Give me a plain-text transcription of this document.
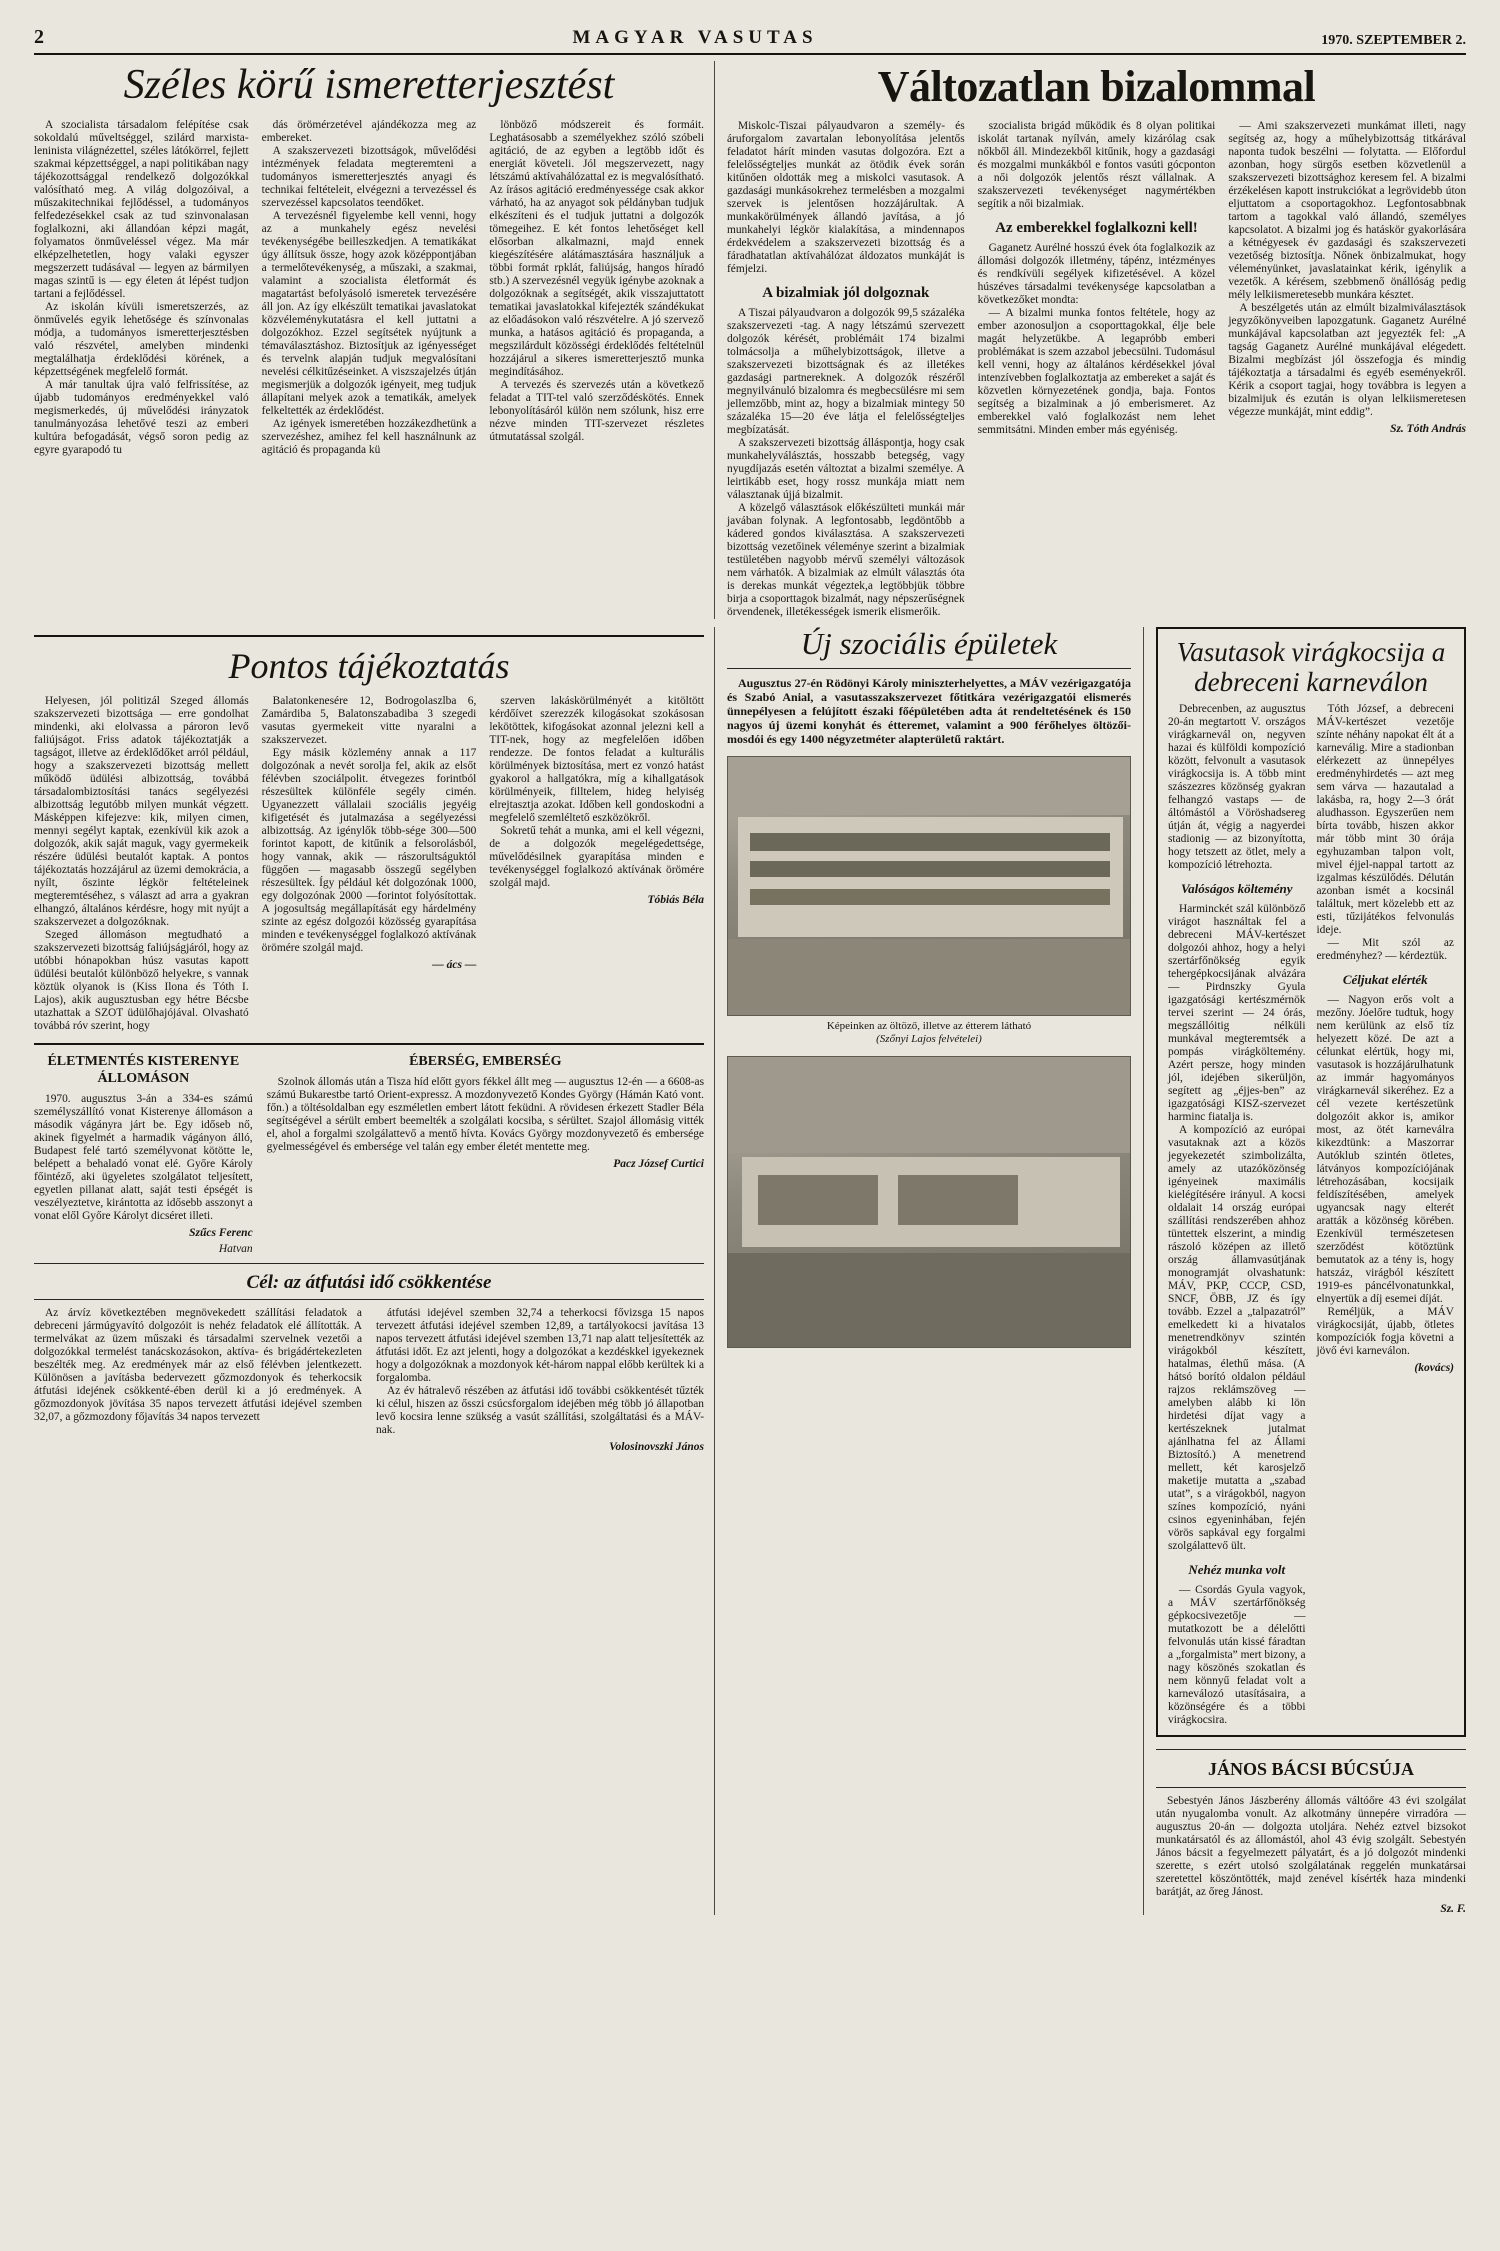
2	MAGYAR VASUTAS	1970. SZEPTEMBER 2.
Széles körű ismeretterjesztést

A szocialista társadalom felépítése csak sokoldalú műveltséggel, szilárd marxista-leninista világnézettel, széles látókörrel, fejlett szakmai képzettséggel, a napi politikában nagy tájékozottsággal rendelkező dolgozókkal valósítható meg. A világ dolgozóival, a műszakitechnikai fejlődéssel, a tudományos felfedezésekkel csak az tud szinvonalasan foglalkozni, aki állandóan képzi magát, folyamatos önműveléssel végez. Ma már elképzelhetetlen, hogy valaki egyszer megszerzett tudásával — legyen az bármilyen magas szintű is — egy életen át lépést tudjon tartani a fejlődéssel.

Az iskolán kívüli ismeretszerzés, az önművelés egyik lehetősége és színvonalas módja, a tudományos ismeretterjesztésben való részvétel, amelyben mindenki megtalálhatja érdeklődési körének, a képzettségének megfelelő formát.

A már tanultak újra való felfrissítése, az újabb tudományos eredményekkel való megismerkedés, új művelődési irányzatok tanulmányozása lehetővé teszi az emberi kultúra befogadását, végső soron pedig az egyre gyarapodó tu

dás örömérzetével ajándékozza meg az embereket.

A szakszervezeti bizottságok, művelődési intézmények feladata megteremteni a tudományos ismeretterjesztés anyagi és technikai feltételeit, elvégezni a tervezéssel és szervezéssel kapcsolatos teendőket.

A tervezésnél figyelembe kell venni, hogy az a munkahely egész nevelési tevékenységébe beilleszkedjen. A tematikákat úgy állítsuk össze, hogy azok középpontjában a termelőtevékenység, a műszaki, a szakmai, valamint a szocialista életformát és magatartást befolyásoló ismeretek tervezésére áll jon. Az így elkészült tematikai javaslatokat közvéleménykutatásra el kell juttatni a dolgozókhoz. Ezzel segítsétek nyújtunk a témaválasztáshoz. Biztosítjuk az igényességet és tervelnk alapján tudjuk megvalósítani nevelési célkitűzéseinket. A viszszajelzés útján megismerjük a dolgozók igényeit, meg tudjuk állapítani melyek azok a tematikák, amelyek felkeltették az érdeklődést.

Az igények ismeretében hozzákezdhetünk a szervezéshez, amihez fel kell használnunk az agitáció és propaganda kü

lönböző módszereit és formáit. Leghatásosabb a személyekhez szóló szóbeli agitáció, de az egyben a legtöbb időt és energiát követeli. Jól megszervezett, nagy létszámú aktívahálózattal ez is megvalósítható. Az írásos agitáció eredményessége csak akkor várható, ha az anyagot sok példányban tudjuk elkészíteni és el tudjuk juttatni a dolgozók tömegeihez. E két fontos lehetőséget kell elősorban alkalmazni, majd ennek kiegészítésére alátámasztására használjuk a többi formát rpklát, faliújság, hangos híradó stb.) A szervezésnél vegyük igénybe azoknak a dolgozóknak a segítségét, akik visszajuttatott tematikai javaslatokkal kifejezték szándékukat az előadásokon való részvételre. A jó szervező munka, a hatásos agitáció és propaganda, a megszilárdult közösségi érdeklődés feltételnül hozzájárul a sikeres ismeretterjesztő munka megindításához.

A tervezés és szervezés után a következő feladat a TIT-tel való szerződéskötés. Ennek lebonyolításáról külön nem szólunk, hisz erre nézve minden TIT-szervezet részletes útmutatással szolgál.

Változatlan bizalommal

Miskolc-Tiszai pályaudvaron a személy- és áruforgalom zavartalan lebonyolítása jelentős feladatot hárít minden vasutas dolgozóra. Ezt a felelősségteljes munkát az ötödik évek során kitűnően oldották meg a miskolci vasutasok. A gazdasági munkásokrehez termelésben a mozgalmi szervek is jelentősen hozzájárultak. A munkakörülmények állandó javítása, a jó munkahelyi légkör kialakítása, a mindennapos érdekvédelem a szakszervezeti bizottság és a fáradhatatlan aktívahálózat áldozatos munkáját is fémjelzi.

A bizalmiak jól dolgoznak

A Tiszai pályaudvaron a dolgozók 99,5 százaléka szakszervezeti -tag. A nagy létszámú szervezett dolgozók kérését, problémáit 174 bizalmi tolmácsolja a műhelybizottságok, illetve a szakszervezeti bizottságnak és az illetékes gazdasági partnereknek. A dolgozók részéről megnyilvánuló bizalomra és megbecsülésre mi sem jellemzőbb, mint az, hogy a bizalmiak mintegy 50 százaléka 15—20 éve látja el felelősségteljes megbízatását.

A szakszervezeti bizottság álláspontja, hogy csak munkahelyválásztás, hosszabb betegség, vagy nyugdíjazás esetén változtat a bizalmi személye. A leirtikább eset, hogy rossz munkája miatt nem választanak újjá bizalmit.

A közelgő választások előkészülteti munkái már javában folynak. A legfontosabb, legdöntőbb a kádered gondos kiválasztása. A szakszervezeti bizottság vezetőinek véleménye szerint a bizalmiak testületében nagyobb mérvű személyi változások nem várhatók. A bizalmiak az elmúlt választás óta is derekas munkát végeztek,a legtöbbjük többre birja a csoporttagok bizalmát, nagy népszerűségnek örvendenek, illetékességek ismerik elismerőik.

szocialista brigád működik és 8 olyan politikai iskolát tartanak nyílván, amely kizárólag csak nőkből áll. Mindezekből kitűnik, hogy a gazdasági és mozgalmi munkákból e fontos vasúti gócponton a női dolgozók jelentős részt vállalnak. A szakszervezeti tevékenységet nagymértékben segítik a női bizalmiak.

Az emberekkel foglalkozni kell!

Gaganetz Aurélné hosszú évek óta foglalkozik az állomási dolgozók illetmény, tápénz, intézményes és rendkívüli segélyek kifizetésével. A közel húszéves társadalmi tevékenysége kapcsolatban a következőket mondta:

— A bizalmi munka fontos feltétele, hogy az ember azonosuljon a csoporttagokkal, élje bele magát helyzetükbe. A legapróbb emberi problémákat is szem azzabol jebecsülni. Tudomásul kell venni, hogy az általános kérdésekkel jóval intenzívebben foglalkoztatja az embereket a saját és közvetlen környezetének gondja, baja. Fontos segítség a bizalminak a jó emberismeret. Az emberekkel való foglalkozást nem lehet semmitsátni. Minden ember más egyéniség.

— Ami szakszervezeti munkámat illeti, nagy segítség az, hogy a műhelybizottság titkárával naponta tudok beszélni — folytatta. — Előfordul azonban, hogy sürgős esetben közvetlenül a szakszervezeti bizottsághoz keresem fel. A bizalmi érzékelésen kapott instrukciókat a legrövidebb úton eljuttatom a csoportagokhoz. Legfontosabbnak tartom a tagokkal való állandó, személyes kapcsolatot. A bizalmi jog és hatáskör gyakorlására a kétnégyesek év gazdasági és szakszervezeti vezetőség biztosítja. Nőnek önbizalmukat, hogy véleményünket, javaslatainkat kérik, igénylik a vezetők. A kérésem, szebbmenő önállóság pedig mély lelkiismeretesebb munkára késztet.

A beszélgetés után az elmúlt bizalmiválasztások jegyzőkönyveiben lapozgatunk. Gaganetz Aurélné munkájával kapcsolatban azt jegyezték fel: „A tagság Gaganetz Aurélné munkájával elégedett. Bizalmi megbízást jól összefogja és mindig tájékoztatja a társadalmi és egyéb eseményekről. Kérik a csoport tagjai, hogy továbbra is legyen a bizalmijuk és ezután is olyan lelkiismeretesen végezze munkáját, mint eddig”.

Sz. Tóth András
Pontos tájékoztatás

Helyesen, jól politizál Szeged állomás szakszervezeti bizottsága — erre gondolhat mindenki, aki elolvassa a pároron levő faliújságot. Friss adatok tájékoztatják a tagságot, illetve az érdeklődőket arról például, hogy a szakszervezeti bizottság mellett működő üdülési albizottság, továbbá társadalombiztosítási tanács segélyezési albizottság legutóbb milyen munkát végzett. Másképpen kifejezve: kik, milyen cimen, mennyi segélyt kaptak, ezenkívül kik azok a dolgozók, akik saját maguk, vagy gyermekeik részére üdülési beutalót kaptak. A pontos tájékoztatás hozzájárul az üzemi demokrácia, a nyílt, őszinte légkör feltételeinek megteremtéséhez, s választ ad arra a gyakran elhangzó, általános kérdésre, hogy mit nyújt a szakszervezet a dolgozóknak.

Szeged állomáson megtudható a szakszervezeti bizottság faliújságjáról, hogy az utóbbi hónapokban húsz vasutas kapott üdülési beutalót különböző helyekre, s vannak köztük olyanok is (Kiss Ilona és Tóth I. Lajos), akik augusztusban egy hétre Bécsbe utazhattak a SZOT üdülőhajójával. Olvasható továbbá róv szerint, hogy

Balatonkenesére 12, Bodrogolaszlba 6, Zamárdiba 5, Balatonszabadiba 3 szegedi vasutas gyermekeit vitte nyaralni a szakszervezet.

Egy másik közlemény annak a 117 dolgozónak a nevét sorolja fel, akik az elsőt félévben szociálpolit. étvegezes forintból részesültek különféle segély cimén. Ugyanezzett vállalaii szociális jegyéig kifigetését és jutalmazása a segélyezéssi albizottság. Az igénylők több-sége 300—500 forintot kapott, de kitűnik a felsorolásból, hogy vannak, akik — rászorultságuktól függően — magasabb összegű segélyben részesültek. Így például két dolgozónak 1000, egy dolgozónak 2000 —forintot folyósítottak. A jogosultság megállapítását egy hárdelmény szinte az egész dolgozói közösség gyarapítása minden e tevékenységgel foglalkozó aktívának örömére szolgál majd.

— ács —

szerven lakáskörülményét a kitöltött kérdőívet szerezzék kilogásokat szokásosan lekötöttek, kifogásokat azonnal jelezni kell a TIT-nek, hogy az megfelelően időben rendezze. De fontos feladat a kulturális körülmények biztosítása, mert ez vonzó hatást gyakorol a hallgatókra, míg a kihallgatások körülményeik, filltelem, hideg helyiség elrejtasztja azokat. Időben kell gondoskodni a megfelelő szemléltető eszközökről.

Sokretű tehát a munka, ami el kell végezni, de a dolgozók megelégedettsége, művelődésilnek gyarapítása minden e tevékenységgel foglalkozó aktívának örömére szolgál majd.

Tóbiás Béla
ÉLETMENTÉS KISTERENYE ÁLLOMÁSON

1970. augusztus 3-án a 334-es számú személyszállító vonat Kisterenye állomáson a második vágányra járt be. Egy időseb nő, akinek figyelmét a harmadik vágányon álló, Budapest felé tartó személyvonat kötötte le, belépett a behaladó vonat elé. Győre Károly főintéző, aki ügyeletes szolgálatot teljesített, egyetlen pillanat alatt, saját testi épségét is veszélyeztetve, kirántotta az idősebb asszonyt a vonat elől Győre Károlyt dicséret illeti.

Szűcs Ferenc
Hatvan
ÉBERSÉG, EMBERSÉG

Szolnok állomás után a Tisza híd előtt gyors fékkel állt meg — augusztus 12-én — a 6608-as számú Bukarestbe tartó Orient-expressz. A mozdonyvezető Kondes György (Hámán Kató vont. főn.) a töltésoldalban egy eszméletlen embert látott feküdni. A rövidesen érkezett Stadler Béla segítségével a sérült embert beemelték a szolgálati kocsiba, s sérültet. Szajol állomásig vitték el, ahol a forgalmi szolgálattevő a mentő hívta. Kovács György mozdonyvezető és embersége gyelmességével és embersége vel talán egy ember életét mentette meg.

Pacz József Curtici
Cél: az átfutási idő csökkentése

Az árvíz következtében megnövekedett szállítási feladatok a debreceni jármúgyavító dolgozóit is nehéz feladatok elé állították. A termelvákat az üzem műszaki és társadalmi szervelnek vezetői a dolgozókkal termelést tanácskozásokon, aktíva- és brigádértekezleten beszélték meg. Az eredmények már az első félévben jelentkezett. Különösen a javításba bedervezett gőzmozdonyok és teherkocsik átfutási idejének csökkenté-ében derül ki a jó eredmények. A gőzmozdonyok jövítása 35 napos tervezett átfutási idejével szemben 32,07, a gőzmozdony főjavítás 34 napos tervezett

átfutási idejével szemben 32,74 a teherkocsi fővizsga 15 napos tervezett átfutási idejével szemben 12,89, a tartályokocsi javítása 13 napos tervezett átfutási idejével szemben 13,71 nap alatt teljesítették az átfutási időt. Ez azt jelenti, hogy a dolgozókat a kezdéskkel igyekeznek hogy a dolgozóknak a mozdonyok két-három nappal előbb kerültek ki a forgalomba.

Az év hátralevő részében az átfutási idő további csökkentését tűzték ki célul, hiszen az ősszi csúcsforgalom idejében még több jó állapotban levő kocsira lenne szükség a vasút szállítási, szolgáltatási és a MÁV-nak.

Volosinovszki János
Új szociális épületek

Augusztus 27-én Rödönyi Károly miniszterhelyettes, a MÁV vezérigazgatója és Szabó Anial, a vasutasszakszervezet főtitkára vezérigazgatói elismerés ünnepélyesen a felújított északi főépületében adta át rendeltetésének és 150 nagyos új üzemi konyhát és étteremet, valamint a 900 férőhelyes öltözői-mosdói és egy 1400 négyzetméter alapterületű raktárt.

Képeinken az öltöző, illetve az étterem látható
(Szőnyi Lajos felvételei)
Vasutasok virágkocsija a debreceni karneválon

Debrecenben, az augusztus 20-án megtartott V. országos virágkarnevál on, negyven hazai és külföldi kompozíció között, felvonult a vasutasok virágkocsija is. A több mint szászezres közönség gyakran felhangzó vastaps — de áltómástól a Vöröshadsereg útján át, végig a nagyerdei stadionig — az bizonyította, hogy tetszett az ötlet, mely a kompozíció létrehozta.

Valóságos költemény

Harminckét szál különböző virágot használtak fel a debreceni MÁV-kertészet dolgozói ahhoz, hogy a helyi szertárfőnökség egyik tehergépkocsijának alvázára — Pirdnszky Gyula igazgatósági kertészmérnök tervei szerint — 24 órás, megszállóitig nélküli munkával megteremtsék a pompás virágköltemény. Azért persze, hogy minden jól, idejében sikerüljön, segített ag „éjjes-ben” az igazgatósági KISZ-szervezet harminc fiatalja is.

A kompozíció az európai vasutaknak azt a közös jegyekezetét szimbolizálta, amely az utazóközönség igényeinek maximális kielégítésére irányul. A kocsi oldalait 14 ország európai szállítási rendszerében ahhoz tüntettek elszerint, a mindig rászoló középen az illető ország államvasútjának monogramját olvashatunk: MÁV, PKP, CCCP, CSD, SNCF, ÖBB, JZ és így tovább. Ezzel a „talpazatról” emelkedett ki a hivatalos menetrendkönyv szintén virágokból készített, hatalmas, élethű mása. (A hátsó borító oldalon például rajzos reklámszöveg — amelyben alább ki lön hirdetési díjat vagy a kertészeknek jutalmat ajánlhatna fel az Állami Biztosító.) A menetrend mellett, két karosjelző maketije mutatta a „szabad utat”, s a virágokból, nagyon színes kompozíció, nyáni csinos egyeninhában, fején vörös sapkával egy forgalmi szolgálattevő ült.

Nehéz munka volt

— Csordás Gyula vagyok, a MÁV szertárfőnökség gépkocsivezetője — mutatkozott be a délelőtti felvonulás után kissé fáradtan a „forgalmista” mert bizony, a nagy köszönés szokatlan és nem könnyű feladat volt a karneválozó utasításaira, a közönségére és a többi virágkocsira.

Tóth József, a debreceni MÁV-kertészet vezetője színte néhány napokat élt át a karneválig. Mire a stadionban elérkezett az ünnepélyes eredményhirdetés — azt meg sem várva — hazautalad a lakásba, ra, hogy 2—3 órát aludhasson. Egyszerűen nem bírta tovább, hiszen akkor már több mint 30 órája egyhuzamban talpon volt, mivel éjjel-nappal tartott az izgalmas készülődés. Délután azonban ismét a kocsinál találtuk, mert közelebb ett az esti, tűzijátékos felvonulás ideje.

— Mit szól az eredményhez? — kérdeztük.

Céljukat elérték

— Nagyon erős volt a mezőny. Jóelőre tudtuk, hogy nem kerülünk az első tíz helyezett közé. De azt a célunkat elértük, hogy mi, vasutasok is hozzájárulhatunk az immár hagyományos virágkarnevál sikeréhez. Ez a cél vezete kertészetünk dolgozóit akkor is, amikor most, az ötét karneválra kikezdtünk: a Maszorrar Autóklub szintén ötletes, látványos kompozíciójának létrehozásában, kocsijaik feldíszítésében, amelyek ugyancsak nagy elterét aratták a közönség körében. Ezenkívül természetesen szerződést kötöztünk bemutatok az a tény is, hogy hatszáz, virágból készített 1919-es páncélvonatunkkal, elnyertük a díj esemei díját.

Reméljük, a MÁV virágkocsiját, újabb, ötletes kompozíciók fogja követni a jövő évi karneválon.

(kovács)
JÁNOS BÁCSI BÚCSÚJA

Sebestyén János Jászberény állomás váltóőre 43 évi szolgálat után nyugalomba vonult. Az alkotmány ünnepére virradóra — augusztus 20-án — dolgozta utoljára. Nehéz eztvel bizsokot munkatársatól és az állomástól, ahol 43 évig szolgált. Sebestyén János bácsit a fegyelmezett pályatárt, és a jó dolgozót mindenki szerette, s ezért utolsó szolgálatának reggelén munkatársai szeretettel köszöntötték, majd zenével kísérték haza mindenki barátját, az őreg Jánost.

Sz. F.
